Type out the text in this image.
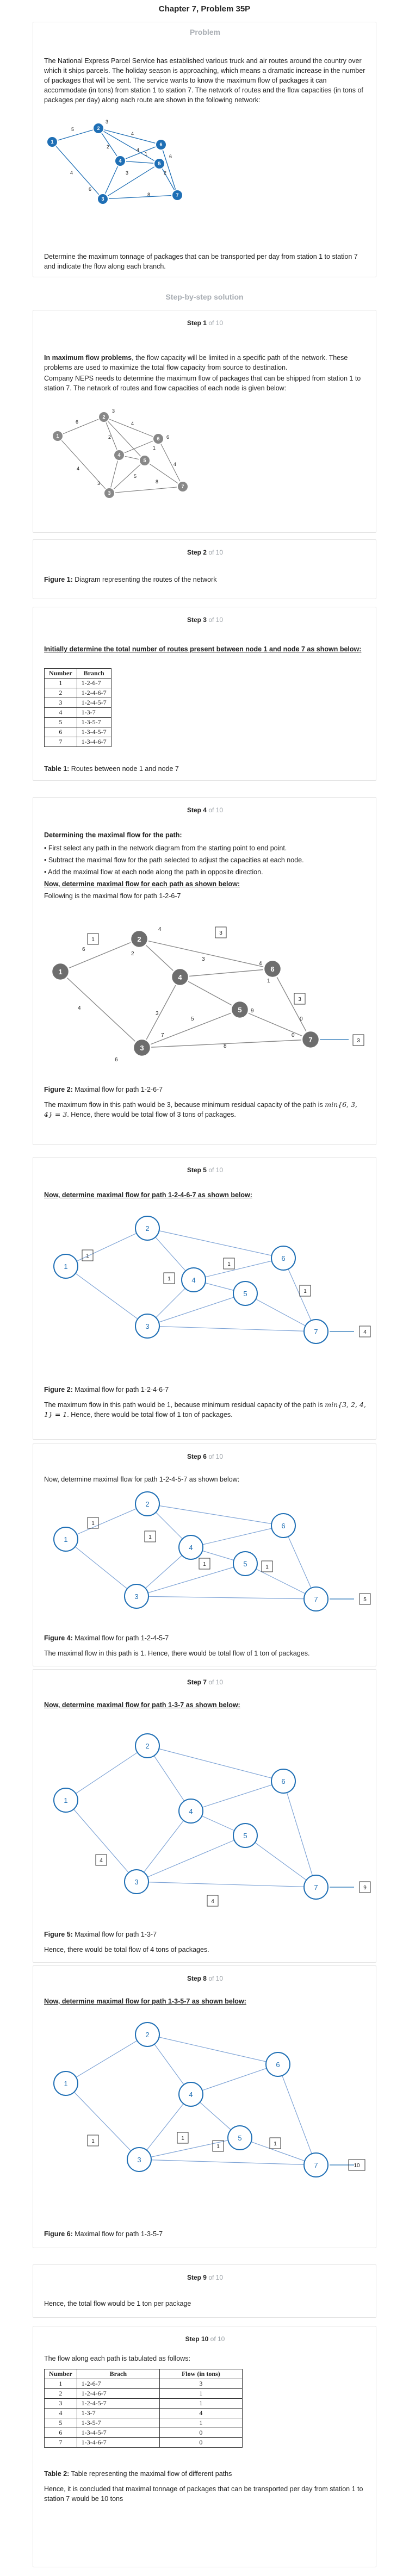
Chapter 7, Problem 35P
Problem
The National Express Parcel Service has established various truck and air routes around the country over which it ships parcels. The holiday season is approaching, which means a dramatic increase in the number of packages that will be sent. The service wants to know the maximum flow of packages it can accommodate (in tons) from station 1 to station 7. The network of routes and the flow capacities (in tons of packages per day) along each route are shown in the following network:
5
4
3
4
2
6
3
1
2
6
8
4
1
2
3
4	5
6
7
Determine the maximum tonnage of packages that can be transported per day from station 1 to station 7 and indicate the flow along each branch.
Step-by-step solution
Step 1 of 10
In maximum flow problems, the flow capacity will be limited in a specific path of the network. These problems are used to maximize the total flow capacity from source to destination.
Company NEPS needs to determine the maximum flow of packages that can be shipped from station 1 to station 7. The network of routes and flow capacities of each node is given below:
6
4
3
4
2
3
5
1
4
6
8
1
2
3
4
5
6
7
Step 2 of 10
Figure 1: Diagram representing the routes of the network
Step 3 of 10
Initially determine the total number of routes present between node 1 and node 7 as shown below:
Number	Branch
1	1-2-6-7
2	1-2-4-6-7
3	1-2-4-5-7
4	1-3-7
5	1-3-5-7
6	1-3-4-5-7
7	1-3-4-6-7
Table 1: Routes between node 1 and node 7
Step 4 of 10
Determining the maximal flow for the path:
• First select any path in the network diagram from the starting point to end point.
• Subtract the maximal flow for the path selected to adjust the capacities at each node.
• Add the maximal flow at each node along the path in opposite direction.
Now, determine maximal flow for each path as shown below:
Following is the maximal flow for path 1-2-6-7
6
2
4
4
3
4
1
3
5
8
0
0
6
7
9
1
3
3
3
1
2
3
4
5
6
7
Figure 2: Maximal flow for path 1-2-6-7
The maximum flow in this path would be 3, because minimum residual capacity of the path is min{6, 3, 4} = 3. Hence, there would be total flow of 3 tons of packages.
Step 5 of 10
Now, determine maximal flow for path 1-2-4-6-7 as shown below:
1
1
1
1
4
1
2
3
4
5
6
7
Figure 2: Maximal flow for path 1-2-4-6-7
The maximum flow in this path would be 1, because minimum residual capacity of the path is min{3, 2, 4, 1} = 1. Hence, there would be total flow of 1 ton of packages.
Step 6 of 10
Now, determine maximal flow for path 1-2-4-5-7 as shown below:
1
1
1	1
5
1
2
3
4
5
6
7
Figure 4: Maximal flow for path 1-2-4-5-7
The maximal flow in this path is 1. Hence, there would be total flow of 1 ton of packages.
Step 7 of 10
Now, determine maximal flow for path 1-3-7 as shown below:
4
4
9
1
2
3
4
5
6
7
Figure 5: Maximal flow for path 1-3-7
Hence, there would be total flow of 4 tons of packages.
Step 8 of 10
Now, determine maximal flow for path 1-3-5-7 as shown below:
1	1
1	1
10
1
2
3
4
5
6
7
Figure 6: Maximal flow for path 1-3-5-7
Step 9 of 10
Hence, the total flow would be 1 ton per package
Step 10 of 10
The flow along each path is tabulated as follows:
Number	Brach	Flow (in tons)
1	1-2-6-7	3
2	1-2-4-6-7	1
3	1-2-4-5-7	1
4	1-3-7	4
5	1-3-5-7	1
6	1-3-4-5-7	0
7	1-3-4-6-7	0
Table 2: Table representing the maximal flow of different paths
Hence, it is concluded that maximal tonnage of packages that can be transported per day from station 1 to station 7 would be 10 tons
